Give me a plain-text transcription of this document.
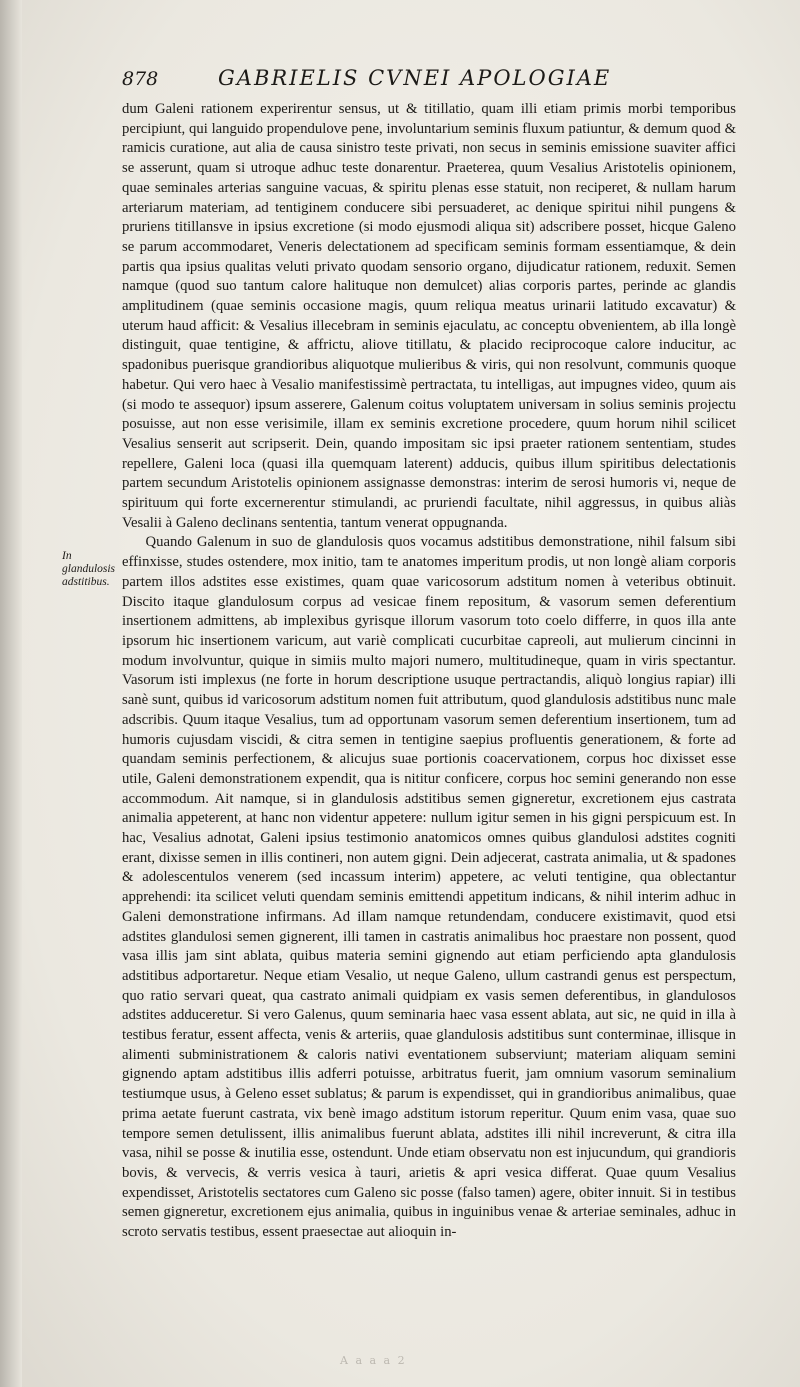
878	GABRIELIS CVNEI APOLOGIAE
In glandulosis adstitibus.

dum Galeni rationem experirentur sensus, ut & titillatio, quam illi etiam primis morbi temporibus percipiunt, qui languido propendulove pene, involuntarium seminis fluxum patiuntur, & demum quod & ramicis curatione, aut alia de causa sinistro teste privati, non secus in seminis emissione suaviter affici se asserunt, quam si utroque adhuc teste donarentur. Praeterea, quum Vesalius Aristotelis opinionem, quae seminales arterias sanguine vacuas, & spiritu plenas esse statuit, non reciperet, & nullam harum arteriarum materiam, ad tentiginem conducere sibi persuaderet, ac denique spiritui nihil pungens & pruriens titillansve in ipsius excretione (si modo ejusmodi aliqua sit) adscribere posset, hicque Galeno se parum accommodaret, Veneris delectationem ad specificam seminis formam essentiamque, & dein partis qua ipsius qualitas veluti privato quodam sensorio organo, dijudicatur rationem, reduxit. Semen namque (quod suo tantum calore halituque non demulcet) alias corporis partes, perinde ac glandis amplitudinem (quae seminis occasione magis, quum reliqua meatus urinarii latitudo excavatur) & uterum haud afficit: & Vesalius illecebram in seminis ejaculatu, ac conceptu obvenientem, ab illa longè distinguit, quae tentigine, & affrictu, aliove titillatu, & placido reciprocoque calore inducitur, ac spadonibus puerisque grandioribus aliquotque mulieribus & viris, qui non resolvunt, communis quoque habetur. Qui vero haec à Vesalio manifestissimè pertractata, tu intelligas, aut impugnes video, quum ais (si modo te assequor) ipsum asserere, Galenum coitus voluptatem universam in solius seminis projectu posuisse, aut non esse verisimile, illam ex seminis excretione procedere, quum horum nihil scilicet Vesalius senserit aut scripserit. Dein, quando impositam sic ipsi praeter rationem sententiam, studes repellere, Galeni loca (quasi illa quemquam laterent) adducis, quibus illum spiritibus delectationis partem secundum Aristotelis opinionem assignasse demonstras: interim de serosi humoris vi, neque de spirituum qui forte excernerentur stimulandi, ac pruriendi facultate, nihil aggressus, in quibus aliàs Vesalii à Galeno declinans sententia, tantum venerat oppugnanda.

Quando Galenum in suo de glandulosis quos vocamus adstitibus demonstratione, nihil falsum sibi effinxisse, studes ostendere, mox initio, tam te anatomes imperitum prodis, ut non longè aliam corporis partem illos adstites esse existimes, quam quae varicosorum adstitum nomen à veteribus obtinuit. Discito itaque glandulosum corpus ad vesicae finem repositum, & vasorum semen deferentium insertionem admittens, ab implexibus gyrisque illorum vasorum toto coelo differre, in quos illa ante ipsorum hic insertionem varicum, aut variè complicati cucurbitae capreoli, aut mulierum cincinni in modum involvuntur, quique in simiis multo majori numero, multitudineque, quam in viris spectantur. Vasorum isti implexus (ne forte in horum descriptione usuque pertractandis, aliquò longius rapiar) illi sanè sunt, quibus id varicosorum adstitum nomen fuit attributum, quod glandulosis adstitibus nunc male adscribis. Quum itaque Vesalius, tum ad opportunam vasorum semen deferentium insertionem, tum ad humoris cujusdam viscidi, & citra semen in tentigine saepius profluentis generationem, & forte ad quandam seminis perfectionem, & alicujus suae portionis coacervationem, corpus hoc dixisset esse utile, Galeni demonstrationem expendit, qua is nititur conficere, corpus hoc semini generando non esse accommodum. Ait namque, si in glandulosis adstitibus semen gigneretur, excretionem ejus castrata animalia appeterent, at hanc non videntur appetere: nullum igitur semen in his gigni perspicuum est. In hac, Vesalius adnotat, Galeni ipsius testimonio anatomicos omnes quibus glandulosi adstites cogniti erant, dixisse semen in illis contineri, non autem gigni. Dein adjecerat, castrata animalia, ut & spadones & adolescentulos venerem (sed incassum interim) appetere, ac veluti tentigine, qua oblectantur apprehendi: ita scilicet veluti quendam seminis emittendi appetitum indicans, & nihil interim adhuc in Galeni demonstratione infirmans. Ad illam namque retundendam, conducere existimavit, quod etsi adstites glandulosi semen gignerent, illi tamen in castratis animalibus hoc praestare non possent, quod vasa illis jam sint ablata, quibus materia semini gignendo aut etiam perficiendo apta glandulosis adstitibus adportaretur. Neque etiam Vesalio, ut neque Galeno, ullum castrandi genus est perspectum, quo ratio servari queat, qua castrato animali quidpiam ex vasis semen deferentibus, in glandulosos adstites adduceretur. Si vero Galenus, quum seminaria haec vasa essent ablata, aut sic, ne quid in illa à testibus feratur, essent affecta, venis & arteriis, quae glandulosis adstitibus sunt conterminae, illisque in alimenti subministrationem & caloris nativi eventationem subserviunt; materiam aliquam semini gignendo aptam adstitibus illis adferri potuisse, arbitratus fuerit, jam omnium vasorum seminalium testiumque usus, à Geleno esset sublatus; & parum is expendisset, qui in grandioribus animalibus, quae prima aetate fuerunt castrata, vix benè imago adstitum istorum reperitur. Quum enim vasa, quae suo tempore semen detulissent, illis animalibus fuerunt ablata, adstites illi nihil increverunt, & citra illa vasa, nihil se posse & inutilia esse, ostendunt. Unde etiam observatu non est injucundum, qui grandioris bovis, & vervecis, & verris vesica à tauri, arietis & apri vesica differat. Quae quum Vesalius expendisset, Aristotelis sectatores cum Galeno sic posse (falso tamen) agere, obiter innuit. Si in testibus semen gigneretur, excretionem ejus animalia, quibus in inguinibus venae & arteriae seminales, adhuc in scroto servatis testibus, essent praesectae aut alioquin in-

A a a a 2
